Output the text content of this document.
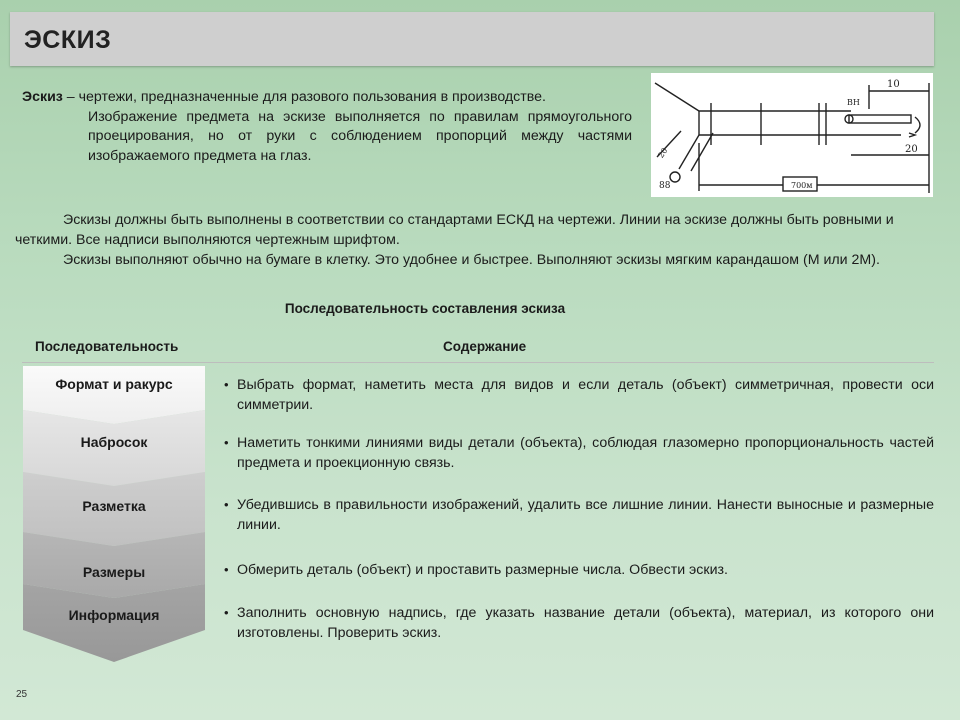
ЭСКИЗ

Эскиз – чертежи, предназначенные для разового пользования в производстве.

Изображение предмета на эскизе выполняется по правилам прямоугольного проецирования, но от руки с соблюдением пропорций между частями изображаемого предмета на глаз.

10
20
700м
88
ВН
20

Эскизы должны быть выполнены в соответствии со стандартами ЕСКД на чертежи. Линии на эскизе должны быть ровными и четкими. Все надписи выполняются чертежным шрифтом.

Эскизы выполняют обычно на бумаге в клетку. Это удобнее и быстрее. Выполняют эскизы мягким карандашом (М или 2М).

Последовательность составления эскиза
Последовательность	Содержание
Формат и ракурс
Набросок
Разметка
Размеры
Информация
• Выбрать формат, наметить места для видов и если деталь (объект) симметричная, провести оси симметрии.
• Наметить тонкими линиями виды детали (объекта), соблюдая глазомерно пропорциональность частей предмета и проекционную связь.
• Убедившись в правильности изображений, удалить все лишние линии. Нанести выносные и размерные линии.
• Обмерить деталь (объект) и проставить размерные числа. Обвести эскиз.
• Заполнить основную надпись, где указать название детали (объекта), материал, из которого они изготовлены. Проверить эскиз.
25
